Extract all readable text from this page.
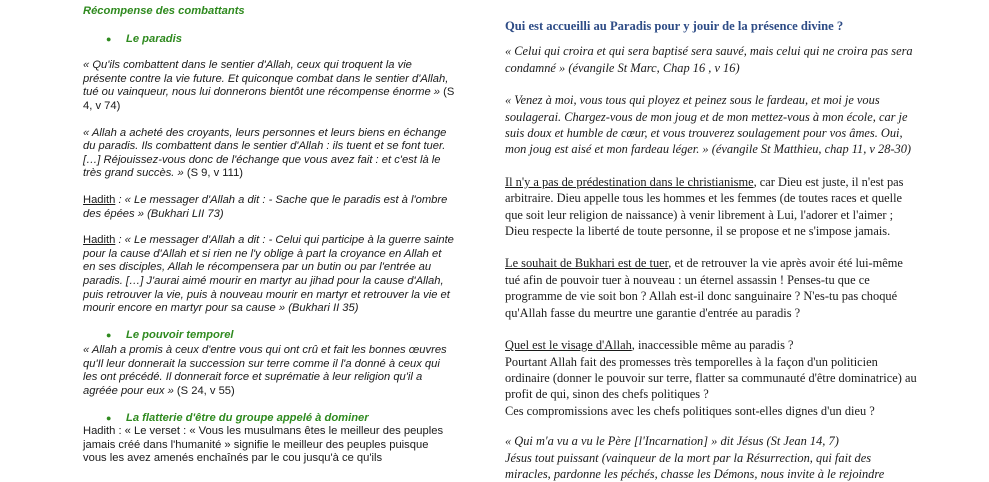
Récompense des combattants
●	Le paradis

« Qu'ils combattent dans le sentier d'Allah, ceux qui troquent la vie présente contre la vie future. Et quiconque combat dans le sentier d'Allah, tué ou vainqueur, nous lui donnerons bientôt une récompense énorme » (S 4, v 74)

« Allah a acheté des croyants, leurs personnes et leurs biens en échange du paradis. Ils combattent dans le sentier d'Allah : ils tuent et se font tuer. […] Réjouissez-vous donc de l'échange que vous avez fait : et c'est là le très grand succès. » (S 9, v 111)

Hadith : « Le messager d'Allah a dit : - Sache que le paradis est à l'ombre des épées » (Bukhari LII 73)

Hadith : « Le messager d'Allah a dit : - Celui qui participe à la guerre sainte pour la cause d'Allah et si rien ne l'y oblige à part la croyance en Allah et en ses disciples, Allah le récompensera par un butin ou par l'entrée au paradis. […] J'aurai aimé mourir en martyr au jihad pour la cause d'Allah, puis retrouver la vie, puis à nouveau mourir en martyr et retrouver la vie et mourir encore en martyr pour sa cause » (Bukhari II 35)

●	Le pouvoir temporel

« Allah a promis à ceux d'entre vous qui ont crû et fait les bonnes œuvres qu'Il leur donnerait la succession sur terre comme il l'a donné à ceux qui les ont précédé. Il donnerait force et suprématie à leur religion qu'il a agréée pour eux » (S 24, v 55)

●	La flatterie d'être du groupe appelé à dominer

Hadith : « Le verset : « Vous les musulmans êtes le meilleur des peuples jamais créé dans l'humanité » signifie le meilleur des peuples puisque vous les avez amenés enchaînés par le cou jusqu'à ce qu'ils

Qui est accueilli au Paradis pour y jouir de la présence divine ?

« Celui qui croira et qui sera baptisé sera sauvé, mais celui qui ne croira pas sera condamné » (évangile St Marc, Chap 16 , v 16)

« Venez à moi, vous tous qui ployez et peinez sous le fardeau, et moi je vous soulagerai. Chargez-vous de mon joug et de mon mettez-vous à mon école, car je suis doux et humble de cœur, et vous trouverez soulagement pour vos âmes. Oui, mon joug est aisé et mon fardeau léger. » (évangile St Matthieu, chap 11, v 28-30)

Il n'y a pas de prédestination dans le christianisme, car Dieu est juste, il n'est pas arbitraire. Dieu appelle tous les hommes et les femmes (de toutes races et quelle que soit leur religion de naissance) à venir librement à Lui, l'adorer et l'aimer ; Dieu respecte la liberté de toute personne, il se propose et ne s'impose jamais.

Le souhait de Bukhari est de tuer, et de retrouver la vie après avoir été lui-même tué afin de pouvoir tuer à nouveau : un éternel assassin ! Penses-tu que ce programme de vie soit bon ? Allah est-il donc sanguinaire ? N'es-tu pas choqué qu'Allah fasse du meurtre une garantie d'entrée au paradis ?

Quel est le visage d'Allah, inaccessible même au paradis ?
Pourtant Allah fait des promesses très temporelles à la façon d'un politicien ordinaire (donner le pouvoir sur terre, flatter sa communauté d'être dominatrice) au profit de qui, sinon des chefs politiques ?
Ces compromissions avec les chefs politiques sont-elles dignes d'un dieu ?
« Qui m'a vu a vu le Père [l'Incarnation] » dit Jésus (St Jean 14, 7)
Jésus tout puissant (vainqueur de la mort par la Résurrection, qui fait des miracles, pardonne les péchés, chasse les Démons, nous invite à le rejoindre
